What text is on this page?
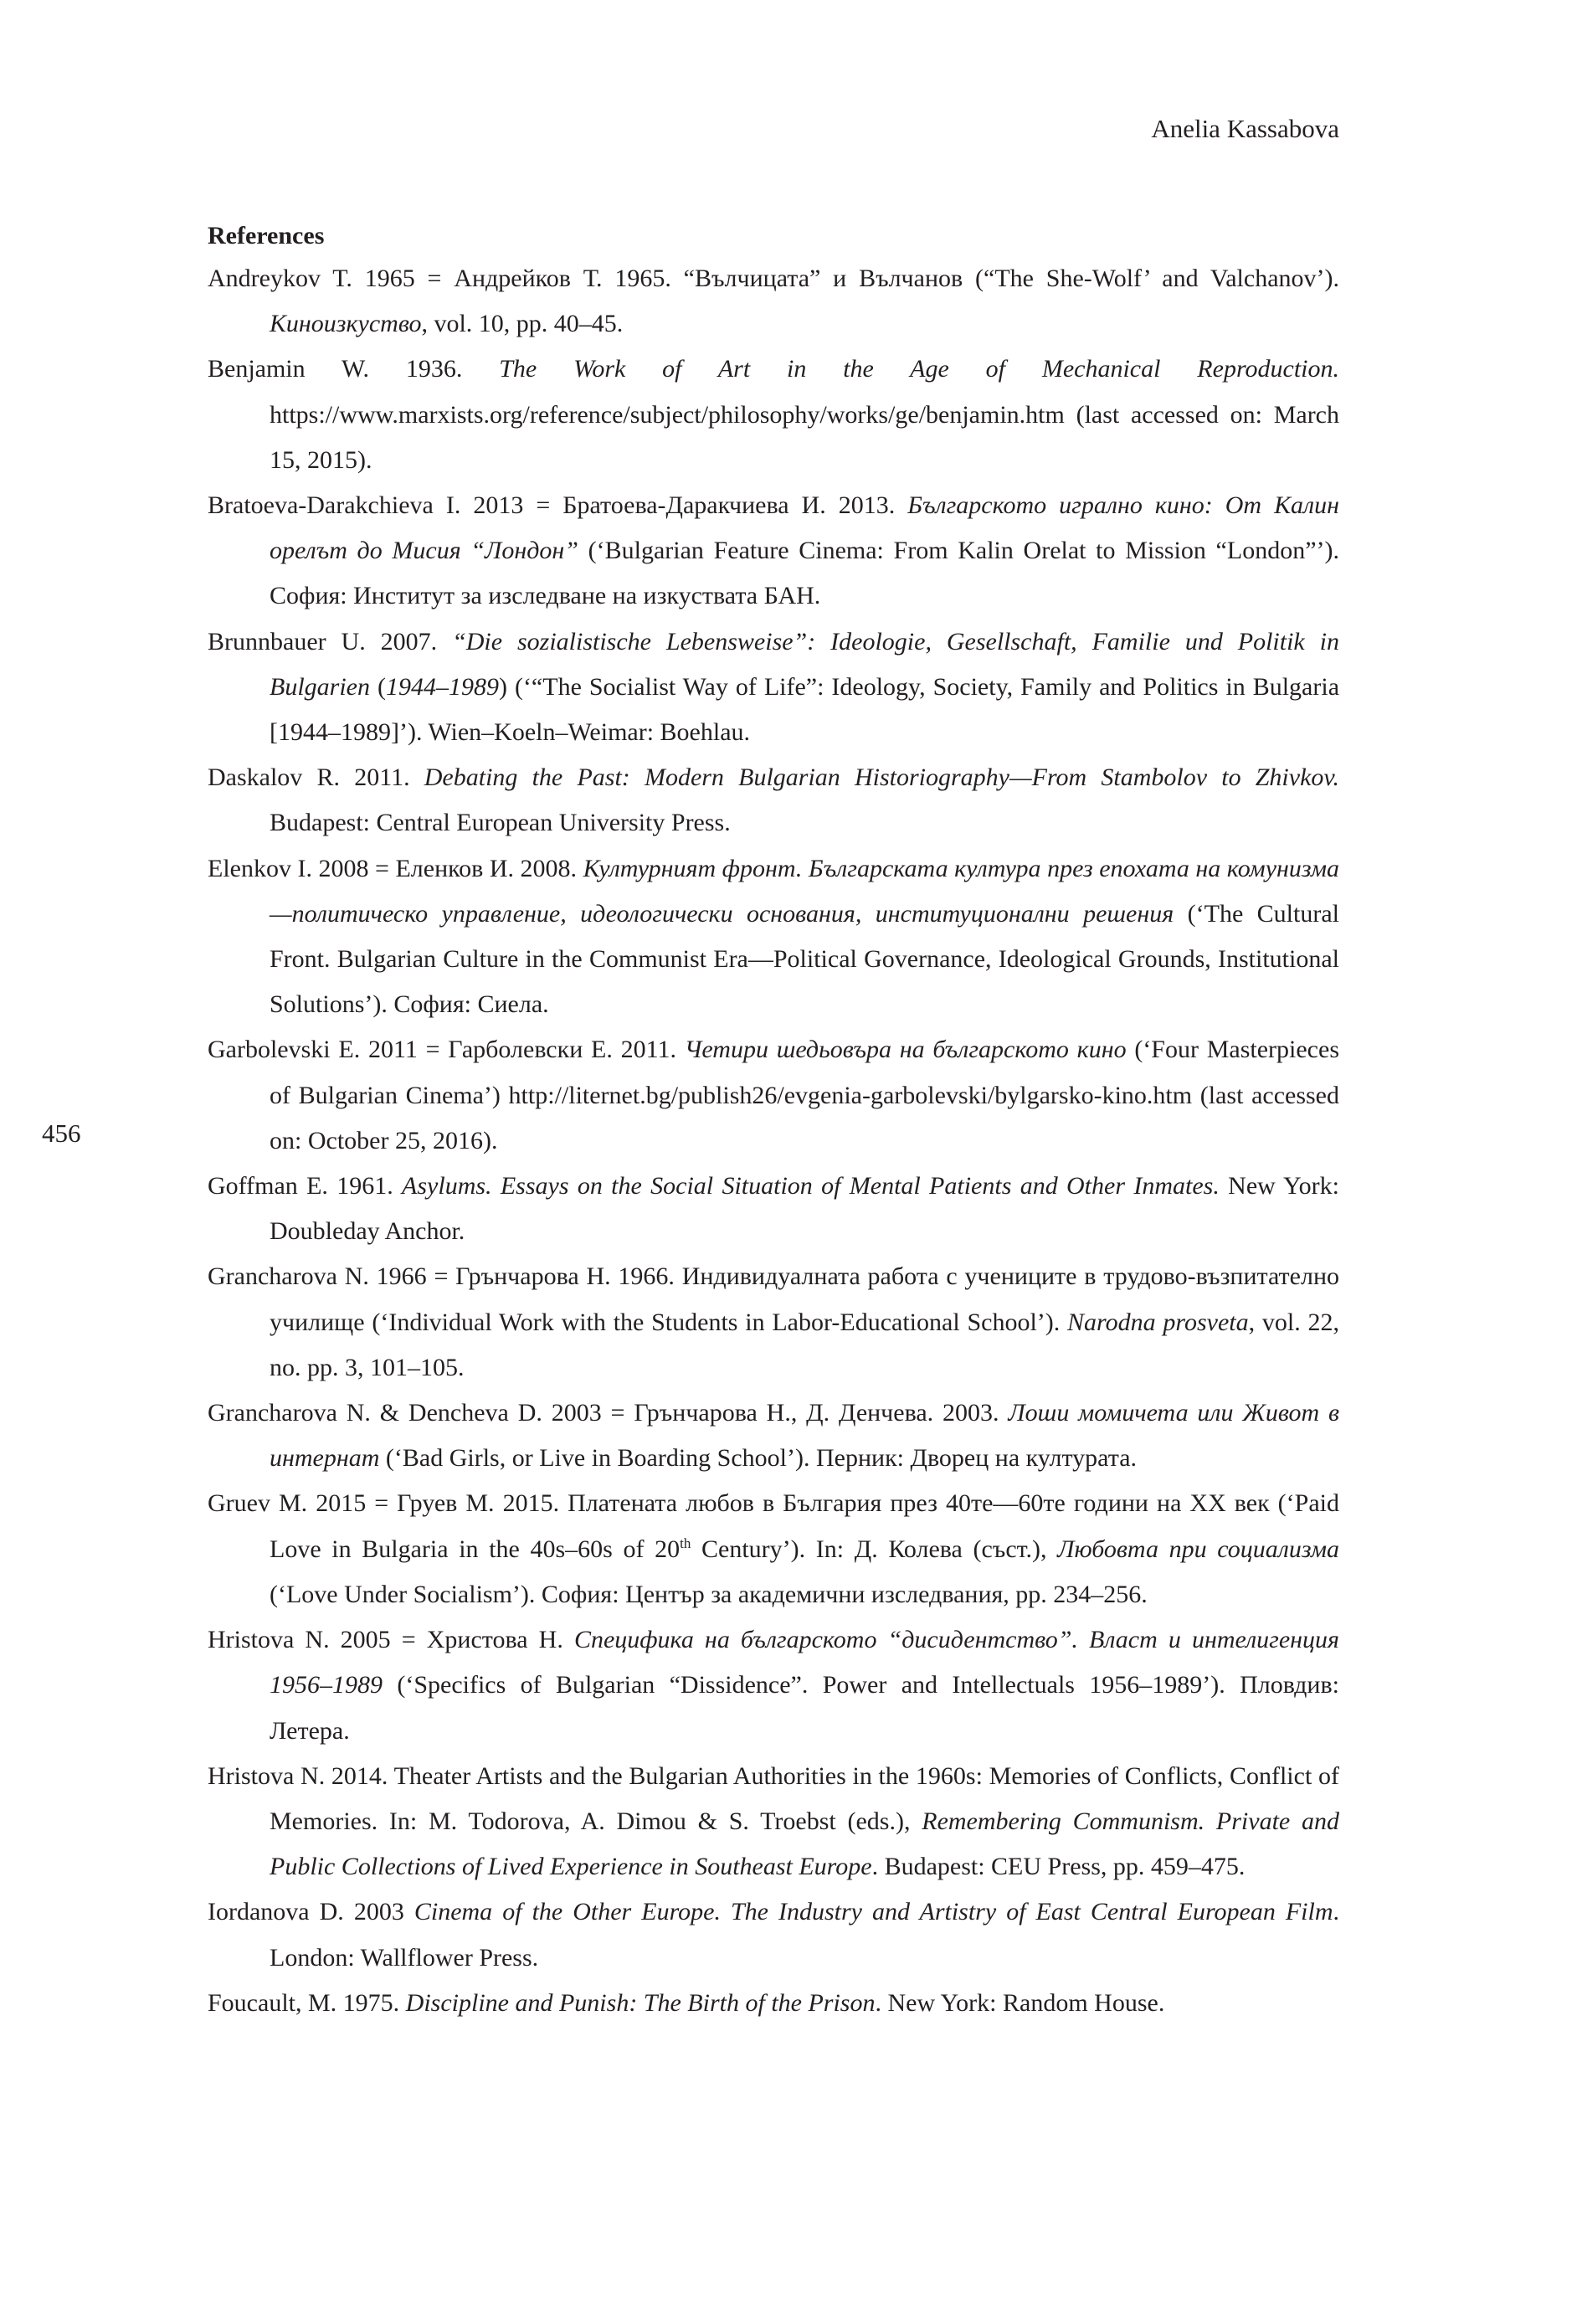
Anelia Kassabova
456
References

Andreykov T. 1965 = Андрейков Т. 1965. “Вълчицата” и Вълчанов (“The She-Wolf’ and Valchanov’). Киноизкуство, vol. 10, pp. 40–45.

Benjamin W. 1936. The Work of Art in the Age of Mechanical Reproduction. https://www.marxists.org/reference/subject/philosophy/works/ge/benjamin.htm (last accessed on: March 15, 2015).

Bratoeva-Darakchieva I. 2013 = Братоева-Даракчиева И. 2013. Българското игрално кино: От Калин орелът до Мисия “Лондон” (‘Bulgarian Feature Cinema: From Kalin Orelat to Mission “London”’). София: Институт за изследване на изкуствата БАН.

Brunnbauer U. 2007. “Die sozialistische Lebensweise”: Ideologie, Gesellschaft, Familie und Politik in Bulgarien (1944–1989) (‘“The Socialist Way of Life”: Ideology, Society, Family and Politics in Bulgaria [1944–1989]’). Wien–Koeln–Weimar: Boehlau.

Daskalov R. 2011. Debating the Past: Modern Bulgarian Historiography—From Stambolov to Zhivkov. Budapest: Central European University Press.

Elenkov I. 2008 = Еленков И. 2008. Културният фронт. Българската култура през епохата на комунизма—политическо управление, идеологически основания, институционални решения (‘The Cultural Front. Bulgarian Culture in the Communist Era—Political Governance, Ideological Grounds, Institutional Solutions’). София: Сиела.

Garbolevski E. 2011 = Гарболевски Е. 2011. Четири шедьовъра на българското кино (‘Four Masterpieces of Bulgarian Cinema’) http://liternet.bg/publish26/evgenia-garbolevski/bylgarsko-kino.htm (last accessed on: October 25, 2016).

Goffman E. 1961. Asylums. Essays on the Social Situation of Mental Patients and Other Inmates. New York: Doubleday Anchor.

Grancharova N. 1966 = Грънчарова Н. 1966. Индивидуалната работа с учениците в трудово-възпитателно училище (‘Individual Work with the Students in Labor-Educational School’). Narodna prosveta, vol. 22, no. pp. 3, 101–105.

Grancharova N. & Dencheva D. 2003 = Грънчарова Н., Д. Денчева. 2003. Лоши момичета или Живот в интернат (‘Bad Girls, or Live in Boarding School’). Перник: Дворец на културата.

Gruev M. 2015 = Груев М. 2015. Платената любов в България през 40те—60те години на XX век (‘Paid Love in Bulgaria in the 40s–60s of 20th Century’). In: Д. Колева (съст.), Любовта при социализма (‘Love Under Socialism’). София: Център за академични изследвания, pp. 234–256.

Hristova N. 2005 = Христова Н. Специфика на българското “дисидентство”. Власт и интелигенция 1956–1989 (‘Specifics of Bulgarian “Dissidence”. Power and Intellectuals 1956–1989’). Пловдив: Летера.

Hristova N. 2014. Theater Artists and the Bulgarian Authorities in the 1960s: Memories of Conflicts, Conflict of Memories. In: M. Todorova, A. Dimou & S. Troebst (eds.), Remembering Communism. Private and Public Collections of Lived Experience in Southeast Europe. Budapest: CEU Press, pp. 459–475.

Iordanova D. 2003 Cinema of the Other Europe. The Industry and Artistry of East Central European Film. London: Wallflower Press.

Foucault, M. 1975. Discipline and Punish: The Birth of the Prison. New York: Random House.
